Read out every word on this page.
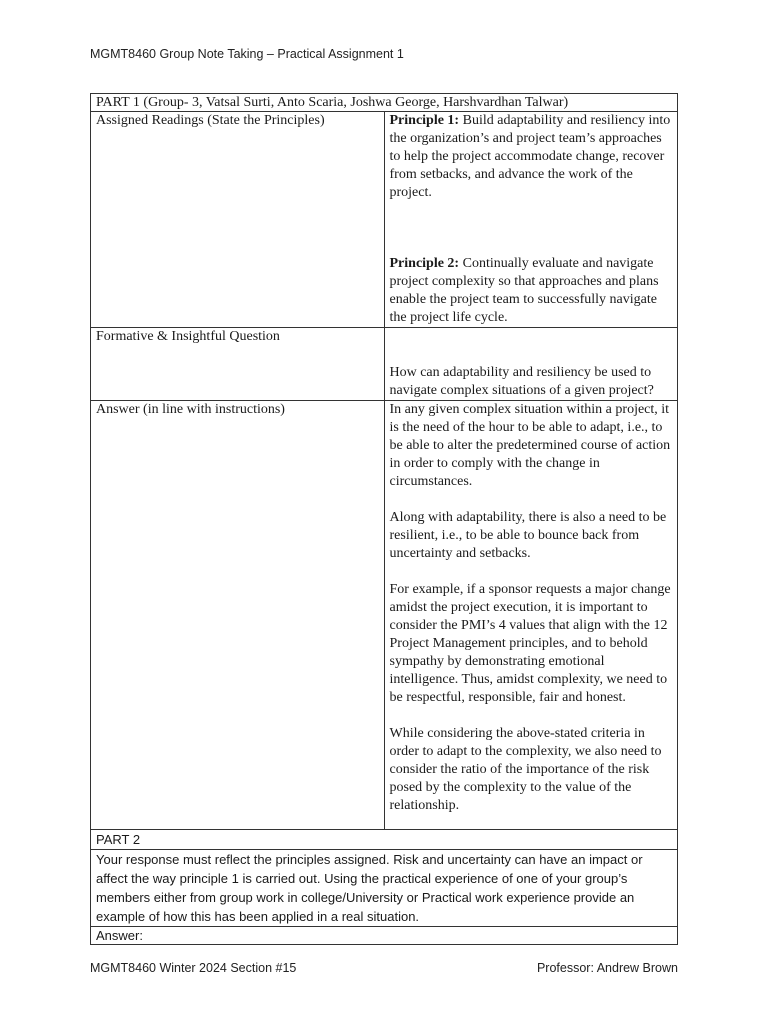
MGMT8460 Group Note Taking – Practical Assignment 1
PART 1 (Group- 3, Vatsal Surti, Anto Scaria, Joshwa George, Harshvardhan Talwar)	
Assigned Readings (State the Principles)	Principle 1: Build adaptability and resiliency into the organization’s and project team’s approaches to help the project accommodate change, recover from setbacks, and advance the work of the project.

Principle 2: Continually evaluate and navigate project complexity so that approaches and plans enable the project team to successfully navigate the project life cycle.

Formative & Insightful Question	How can adaptability and resiliency be used to navigate complex situations of a given project?

Answer (in line with instructions)	In any given complex situation within a project, it is the need of the hour to be able to adapt, i.e., to be able to alter the predetermined course of action in order to comply with the change in circumstances.

Along with adaptability, there is also a need to be resilient, i.e., to be able to bounce back from uncertainty and setbacks.

For example, if a sponsor requests a major change amidst the project execution, it is important to consider the PMI’s 4 values that align with the 12 Project Management principles, and to behold sympathy by demonstrating emotional intelligence. Thus, amidst complexity, we need to be respectful, responsible, fair and honest.

While considering the above-stated criteria in order to adapt to the complexity, we also need to consider the ratio of the importance of the risk posed by the complexity to the value of the relationship.

PART 2	
Your response must reflect the principles assigned. Risk and uncertainty can have an impact or affect the way principle 1 is carried out. Using the practical experience of one of your group’s members either from group work in college/University or Practical work experience provide an example of how this has been applied in a real situation.	
Answer:	
MGMT8460 Winter 2024 Section #15	Professor: Andrew Brown
